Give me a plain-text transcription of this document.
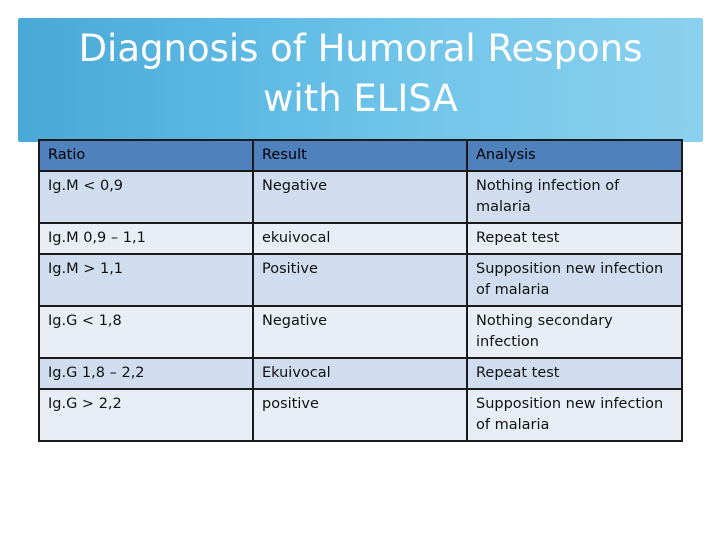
Diagnosis of Humoral Respons
with ELISA
Ratio	Result	Analysis
Ig.M < 0,9	Negative	Nothing infection of malaria
Ig.M 0,9 – 1,1	ekuivocal	Repeat test
Ig.M > 1,1	Positive	Supposition new infection of malaria
Ig.G < 1,8	Negative	Nothing secondary infection
Ig.G 1,8 – 2,2	Ekuivocal	Repeat test
Ig.G > 2,2	positive	Supposition new infection of malaria
